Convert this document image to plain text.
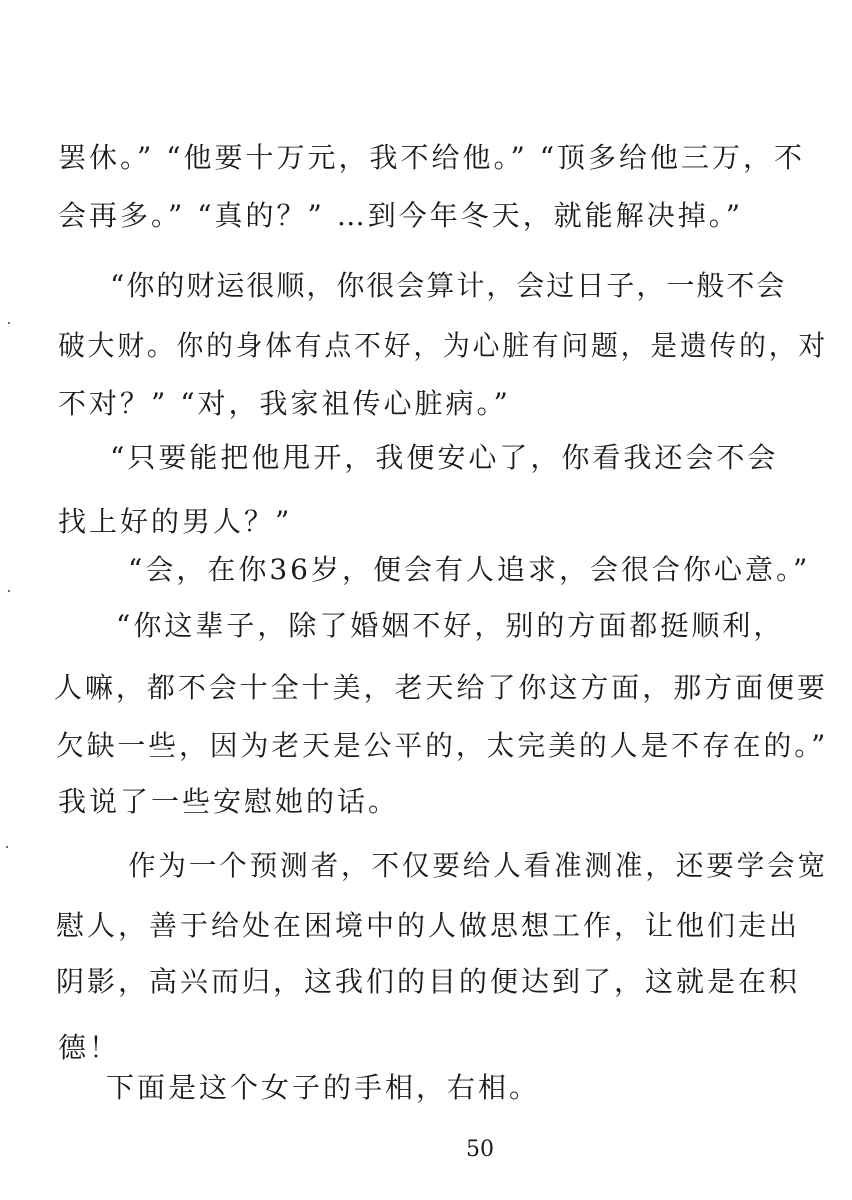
罢休。” “他要十万元，我不给他。” “顶多给他三万，不
会再多。” “真的？” …到今年冬天，就能解决掉。”
“你的财运很顺，你很会算计，会过日子，一般不会
破大财。你的身体有点不好，为心脏有问题，是遗传的，对
不对？” “对，我家祖传心脏病。”
“只要能把他甩开，我便安心了，你看我还会不会
找上好的男人？”
“会，在你36岁，便会有人追求，会很合你心意。”
“你这辈子，除了婚姻不好，别的方面都挺顺利，
人嘛，都不会十全十美，老天给了你这方面，那方面便要
欠缺一些，因为老天是公平的，太完美的人是不存在的。”
我说了一些安慰她的话。
作为一个预测者，不仅要给人看准测准，还要学会宽
慰人，善于给处在困境中的人做思想工作，让他们走出
阴影，高兴而归，这我们的目的便达到了，这就是在积
德！
下面是这个女子的手相，右相。
50
